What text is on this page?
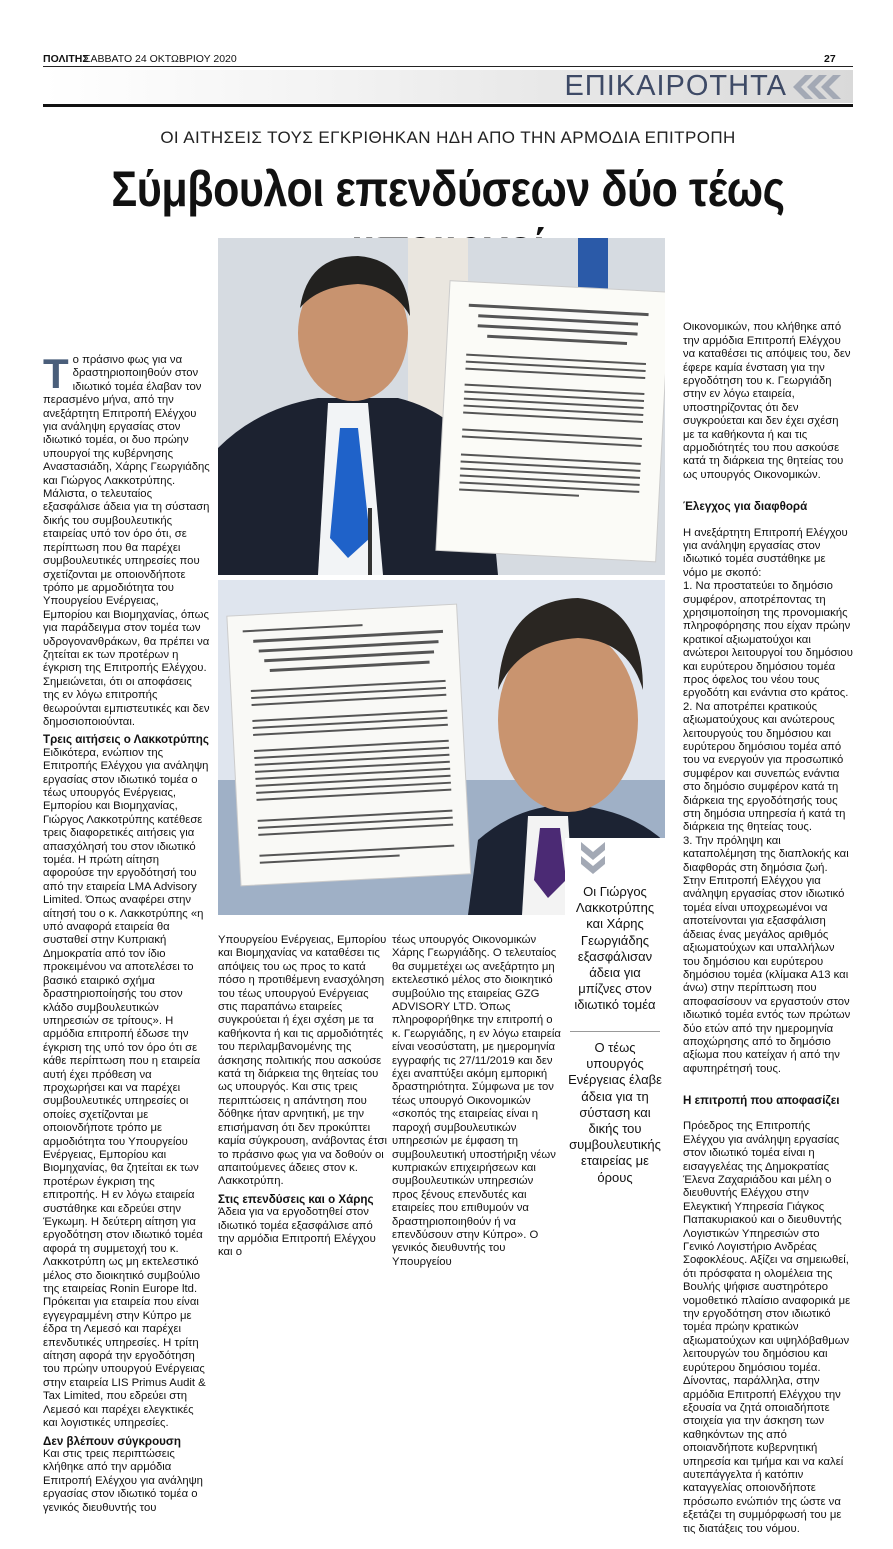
ΠΟΛΙΤΗΣ
ΣΑΒΒΑΤΟ 24 ΟΚΤΩΒΡΙΟΥ 2020	27
ΕΠΙΚΑΙΡΟΤΗΤΑ
ΟΙ ΑΙΤΗΣΕΙΣ ΤΟΥΣ ΕΓΚΡΙΘΗΚΑΝ ΗΔΗ ΑΠΟ ΤΗΝ ΑΡΜΟΔΙΑ ΕΠΙΤΡΟΠΗ
Σύμβουλοι επενδύσεων δύο τέως
Τ ο πράσινο φως για να δραστηριοποιηθούν στον ιδιωτικό τομέα έλαβαν τον περασμένο μήνα, από την ανεξάρτητη Επιτροπή Ελέγχου για ανάληψη εργασίας στον ιδιωτικό τομέα, οι δυο πρώην υπουργοί της κυβέρνησης Αναστασιάδη, Χάρης Γεωργιάδης και Γιώργος Λακκοτρύπης. Μάλιστα, ο τελευταίος εξασφάλισε άδεια για τη σύσταση δικής του συμβουλευτικής εταιρείας υπό τον όρο ότι, σε περίπτωση που θα παρέχει συμβουλευτικές υπηρεσίες που σχετίζονται με οποιονδήποτε τρόπο με αρμοδιότητα του Υπουργείου Ενέργειας, Εμπορίου και Βιομηχανίας, όπως για παράδειγμα στον τομέα των υδρογονανθράκων, θα πρέπει να ζητείται εκ των προτέρων η έγκριση της Επιτροπής Ελέγχου. Σημειώνεται, ότι οι αποφάσεις της εν λόγω επιτροπής θεωρούνται εμπιστευτικές και δεν δημοσιοποιούνται.

Τρεις αιτήσεις ο Λακκοτρύπης

Ειδικότερα, ενώπιον της Επιτροπής Ελέγχου για ανάληψη εργασίας στον ιδιωτικό τομέα ο τέως υπουργός Ενέργειας, Εμπορίου και Βιομηχανίας, Γιώργος Λακκοτρύπης κατέθεσε τρεις διαφορετικές αιτήσεις για απασχόλησή του στον ιδιωτικό τομέα. Η πρώτη αίτηση αφορούσε την εργοδότησή του από την εταιρεία LMA Advisory Limited. Όπως αναφέρει στην αίτησή του ο κ. Λακκοτρύπης «η υπό αναφορά εταιρεία θα συσταθεί στην Κυπριακή Δημοκρατία από τον ίδιο προκειμένου να αποτελέσει το βασικό εταιρικό σχήμα δραστηριοποίησής του στον κλάδο συμβουλευτικών υπηρεσιών σε τρίτους». Η αρμόδια επιτροπή έδωσε την έγκριση της υπό τον όρο ότι σε κάθε περίπτωση που η εταιρεία αυτή έχει πρόθεση να προχωρήσει και να παρέχει συμβουλευτικές υπηρεσίες οι οποίες σχετίζονται με οποιονδήποτε τρόπο με αρμοδιότητα του Υπουργείου Ενέργειας, Εμπορίου και Βιομηχανίας, θα ζητείται εκ των προτέρων έγκριση της επιτροπής. Η εν λόγω εταιρεία συστάθηκε και εδρεύει στην Έγκωμη. Η δεύτερη αίτηση για εργοδότηση στον ιδιωτικό τομέα αφορά τη συμμετοχή του κ. Λακκοτρύπη ως μη εκτελεστικό μέλος στο διοικητικό συμβούλιο της εταιρείας Ronin Europe ltd. Πρόκειται για εταιρεία που είναι εγγεγραμμένη στην Κύπρο με έδρα τη Λεμεσό και παρέχει επενδυτικές υπηρεσίες. Η τρίτη αίτηση αφορά την εργοδότηση του πρώην υπουργού Ενέργειας στην εταιρεία LIS Primus Audit & Tax Limited, που εδρεύει στη Λεμεσό και παρέχει ελεγκτικές και λογιστικές υπηρεσίες.

Δεν βλέπουν σύγκρουση

Και στις τρεις περιπτώσεις κλήθηκε από την αρμόδια Επιτροπή Ελέγχου για ανάληψη εργασίας στον ιδιωτικό τομέα ο γενικός διευθυντής του

Οι Γιώργος Λακκοτρύπης και Χάρης Γεωργιάδης εξασφάλισαν άδεια για μπίζνες στον ιδιωτικό τομέα
Ο τέως υπουργός Ενέργειας έλαβε άδεια για τη σύσταση και δικής του συμβουλευτικής εταιρείας με όρους

Υπουργείου Ενέργειας, Εμπορίου και Βιομηχανίας να καταθέσει τις απόψεις του ως προς το κατά πόσο η προτιθέμενη ενασχόληση του τέως υπουργού Ενέργειας στις παραπάνω εταιρείες συγκρούεται ή έχει σχέση με τα καθήκοντα ή και τις αρμοδιότητές του περιλαμβανομένης της άσκησης πολιτικής που ασκούσε κατά τη διάρκεια της θητείας του ως υπουργός. Και στις τρεις περιπτώσεις η απάντηση που δόθηκε ήταν αρνητική, με την επισήμανση ότι δεν προκύπτει καμία σύγκρουση, ανάβοντας έτσι το πράσινο φως για να δοθούν οι απαιτούμενες άδειες στον κ. Λακκοτρύπη.

Στις επενδύσεις και ο Χάρης

Άδεια για να εργοδοτηθεί στον ιδιωτικό τομέα εξασφάλισε από την αρμόδια Επιτροπή Ελέγχου και ο

τέως υπουργός Οικονομικών Χάρης Γεωργιάδης. Ο τελευταίος θα συμμετέχει ως ανεξάρτητο μη εκτελεστικό μέλος στο διοικητικό συμβούλιο της εταιρείας GZG ADVISORY LTD. Όπως πληροφορήθηκε την επιτροπή ο κ. Γεωργιάδης, η εν λόγω εταιρεία είναι νεοσύστατη, με ημερομηνία εγγραφής τις 27/11/2019 και δεν έχει αναπτύξει ακόμη εμπορική δραστηριότητα. Σύμφωνα με τον τέως υπουργό Οικονομικών «σκοπός της εταιρείας είναι η παροχή συμβουλευτικών υπηρεσιών με έμφαση τη συμβουλευτική υποστήριξη νέων κυπριακών επιχειρήσεων και συμβουλευτικών υπηρεσιών προς ξένους επενδυτές και εταιρείες που επιθυμούν να δραστηριοποιηθούν ή να επενδύσουν στην Κύπρο». Ο γενικός διευθυντής του Υπουργείου

Οικονομικών, που κλήθηκε από την αρμόδια Επιτροπή Ελέγχου να καταθέσει τις απόψεις του, δεν έφερε καμία ένσταση για την εργοδότηση του κ. Γεωργιάδη στην εν λόγω εταιρεία, υποστηρίζοντας ότι δεν συγκρούεται και δεν έχει σχέση με τα καθήκοντα ή και τις αρμοδιότητές του που ασκούσε κατά τη διάρκεια της θητείας του ως υπουργός Οικονομικών.

Έλεγχος για διαφθορά

Η ανεξάρτητη Επιτροπή Ελέγχου για ανάληψη εργασίας στον ιδιωτικό τομέα συστάθηκε με νόμο με σκοπό:
1. Να προστατεύει το δημόσιο συμφέρον, αποτρέποντας τη χρησιμοποίηση της προνομιακής πληροφόρησης που είχαν πρώην κρατικοί αξιωματούχοι και ανώτεροι λειτουργοί του δημόσιου και ευρύτερου δημόσιου τομέα προς όφελος του νέου τους εργοδότη και ενάντια στο κράτος.
2. Να αποτρέπει κρατικούς αξιωματούχους και ανώτερους λειτουργούς του δημόσιου και ευρύτερου δημόσιου τομέα από του να ενεργούν για προσωπικό συμφέρον και συνεπώς ενάντια στο δημόσιο συμφέρον κατά τη διάρκεια της εργοδότησής τους στη δημόσια υπηρεσία ή κατά τη διάρκεια της θητείας τους.
3. Την πρόληψη και καταπολέμηση της διαπλοκής και διαφθοράς στη δημόσια ζωή.
Στην Επιτροπή Ελέγχου για ανάληψη εργασίας στον ιδιωτικό τομέα είναι υποχρεωμένοι να αποτείνονται για εξασφάλιση άδειας ένας μεγάλος αριθμός αξιωματούχων και υπαλλήλων του δημόσιου και ευρύτερου δημόσιου τομέα (κλίμακα Α13 και άνω) στην περίπτωση που αποφασίσουν να εργαστούν στον ιδιωτικό τομέα εντός των πρώτων δύο ετών από την ημερομηνία αποχώρησης από το δημόσιο αξίωμα που κατείχαν ή από την αφυπηρέτησή τους.

Η επιτροπή που αποφασίζει

Πρόεδρος της Επιτροπής Ελέγχου για ανάληψη εργασίας στον ιδιωτικό τομέα είναι η εισαγγελέας της Δημοκρατίας Έλενα Ζαχαριάδου και μέλη ο διευθυντής Ελέγχου στην Ελεγκτική Υπηρεσία Γιάγκος Παπακυριακού και ο διευθυντής Λογιστικών Υπηρεσιών στο Γενικό Λογιστήριο Ανδρέας Σοφοκλέους. Αξίζει να σημειωθεί, ότι πρόσφατα η ολομέλεια της Βουλής ψήφισε αυστηρότερο νομοθετικό πλαίσιο αναφορικά με την εργοδότηση στον ιδιωτικό τομέα πρώην κρατικών αξιωματούχων και υψηλόβαθμων λειτουργών του δημόσιου και ευρύτερου δημόσιου τομέα. Δίνοντας, παράλληλα, στην αρμόδια Επιτροπή Ελέγχου την εξουσία να ζητά οποιαδήποτε στοιχεία για την άσκηση των καθηκόντων της από οποιανδήποτε κυβερνητική υπηρεσία και τμήμα και να καλεί αυτεπάγγελτα ή κατόπιν καταγγελίας οποιονδήποτε πρόσωπο ενώπιόν της ώστε να εξετάζει τη συμμόρφωσή του με τις διατάξεις του νόμου.
